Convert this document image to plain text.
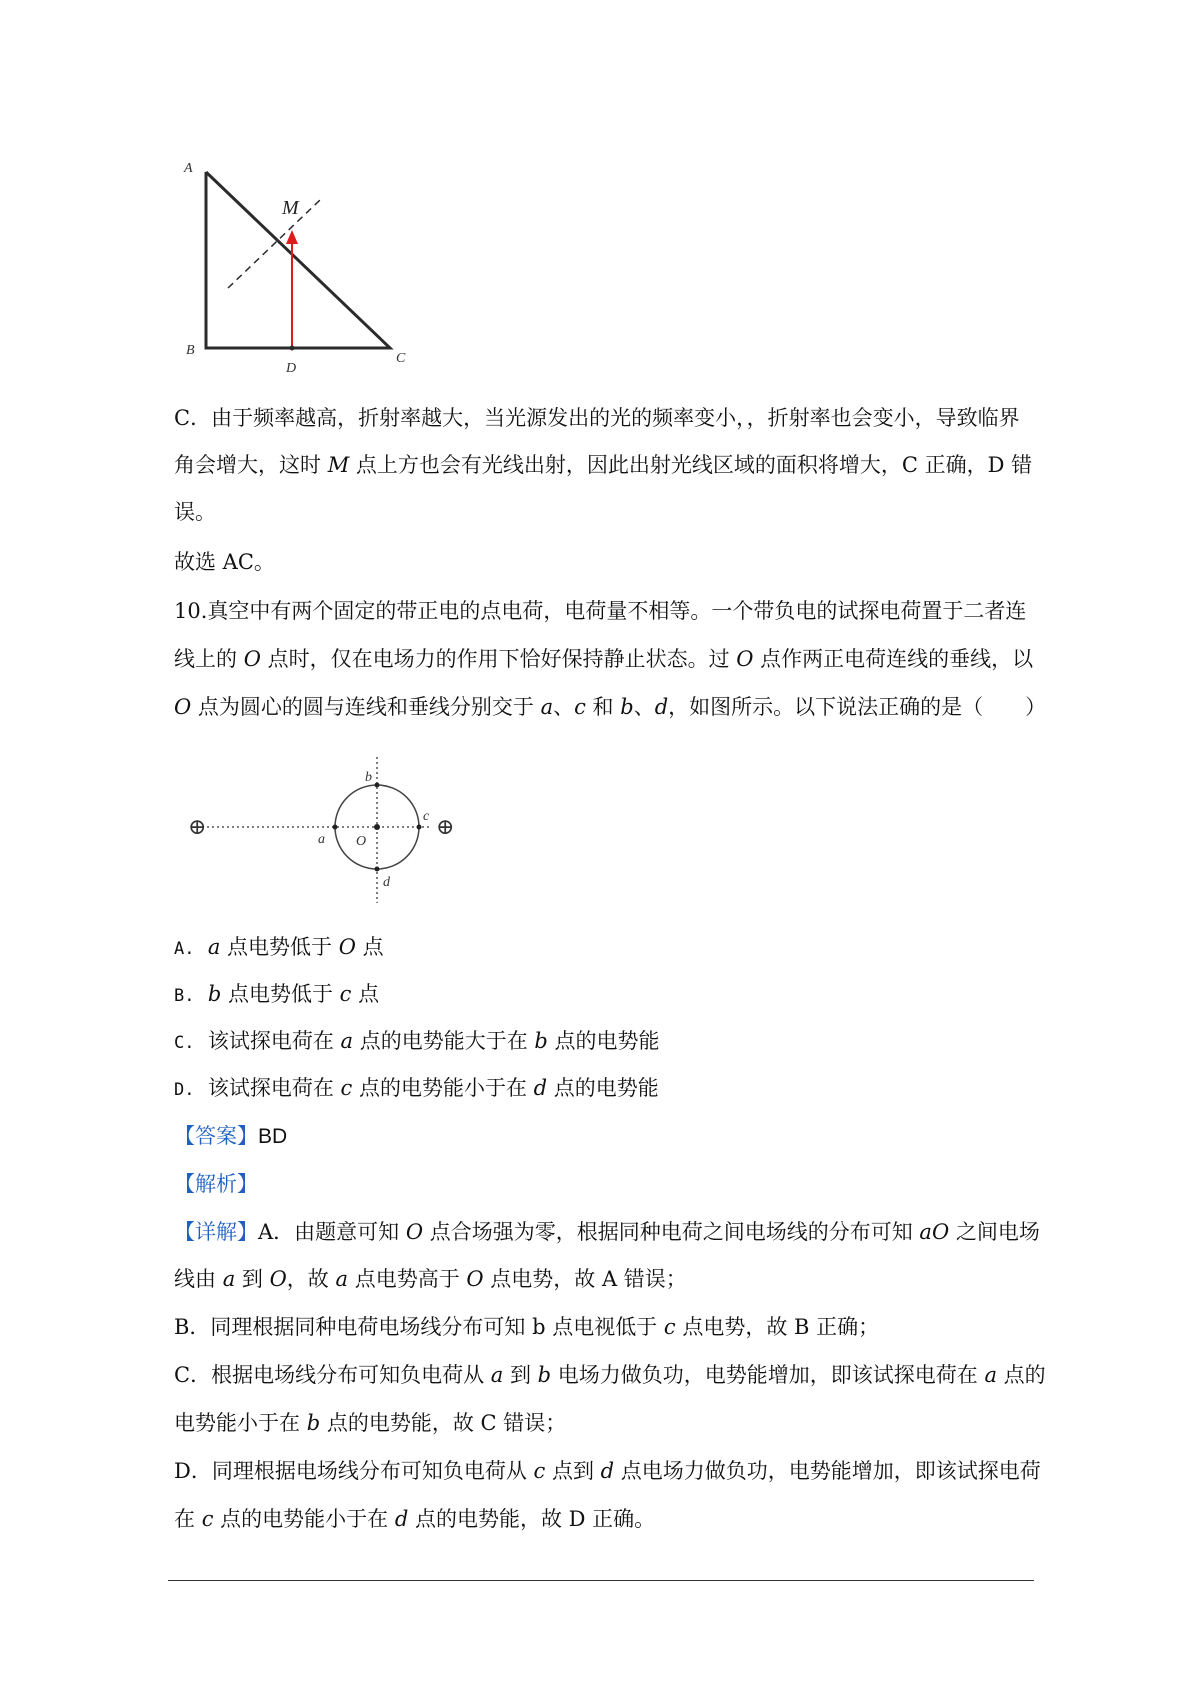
A
B
C
D
M
C．由于频率越高，折射率越大，当光源发出的光的频率变小，，折射率也会变小，导致临界
角会增大，这时 M 点上方也会有光线出射，因此出射光线区域的面积将增大，C 正确，D 错
误。
故选 AC。
10.真空中有两个固定的带正电的点电荷，电荷量不相等。一个带负电的试探电荷置于二者连
线上的 O 点时，仅在电场力的作用下恰好保持静止状态。过 O 点作两正电荷连线的垂线，以
O 点为圆心的圆与连线和垂线分别交于 a、c 和 b、d，如图所示。以下说法正确的是（　　）
⊕	⊕
a
b
c
d
O
A. a 点电势低于 O 点
B. b 点电势低于 c 点
C. 该试探电荷在 a 点的电势能大于在 b 点的电势能
D. 该试探电荷在 c 点的电势能小于在 d 点的电势能
【答案】BD
【解析】
【详解】A．由题意可知 O 点合场强为零，根据同种电荷之间电场线的分布可知 aO 之间电场
线由 a 到 O，故 a 点电势高于 O 点电势，故 A 错误；
B．同理根据同种电荷电场线分布可知 b 点电视低于 c 点电势，故 B 正确；
C．根据电场线分布可知负电荷从 a 到 b 电场力做负功，电势能增加，即该试探电荷在 a 点的
电势能小于在 b 点的电势能，故 C 错误；
D．同理根据电场线分布可知负电荷从 c 点到 d 点电场力做负功，电势能增加，即该试探电荷
在 c 点的电势能小于在 d 点的电势能，故 D 正确。
